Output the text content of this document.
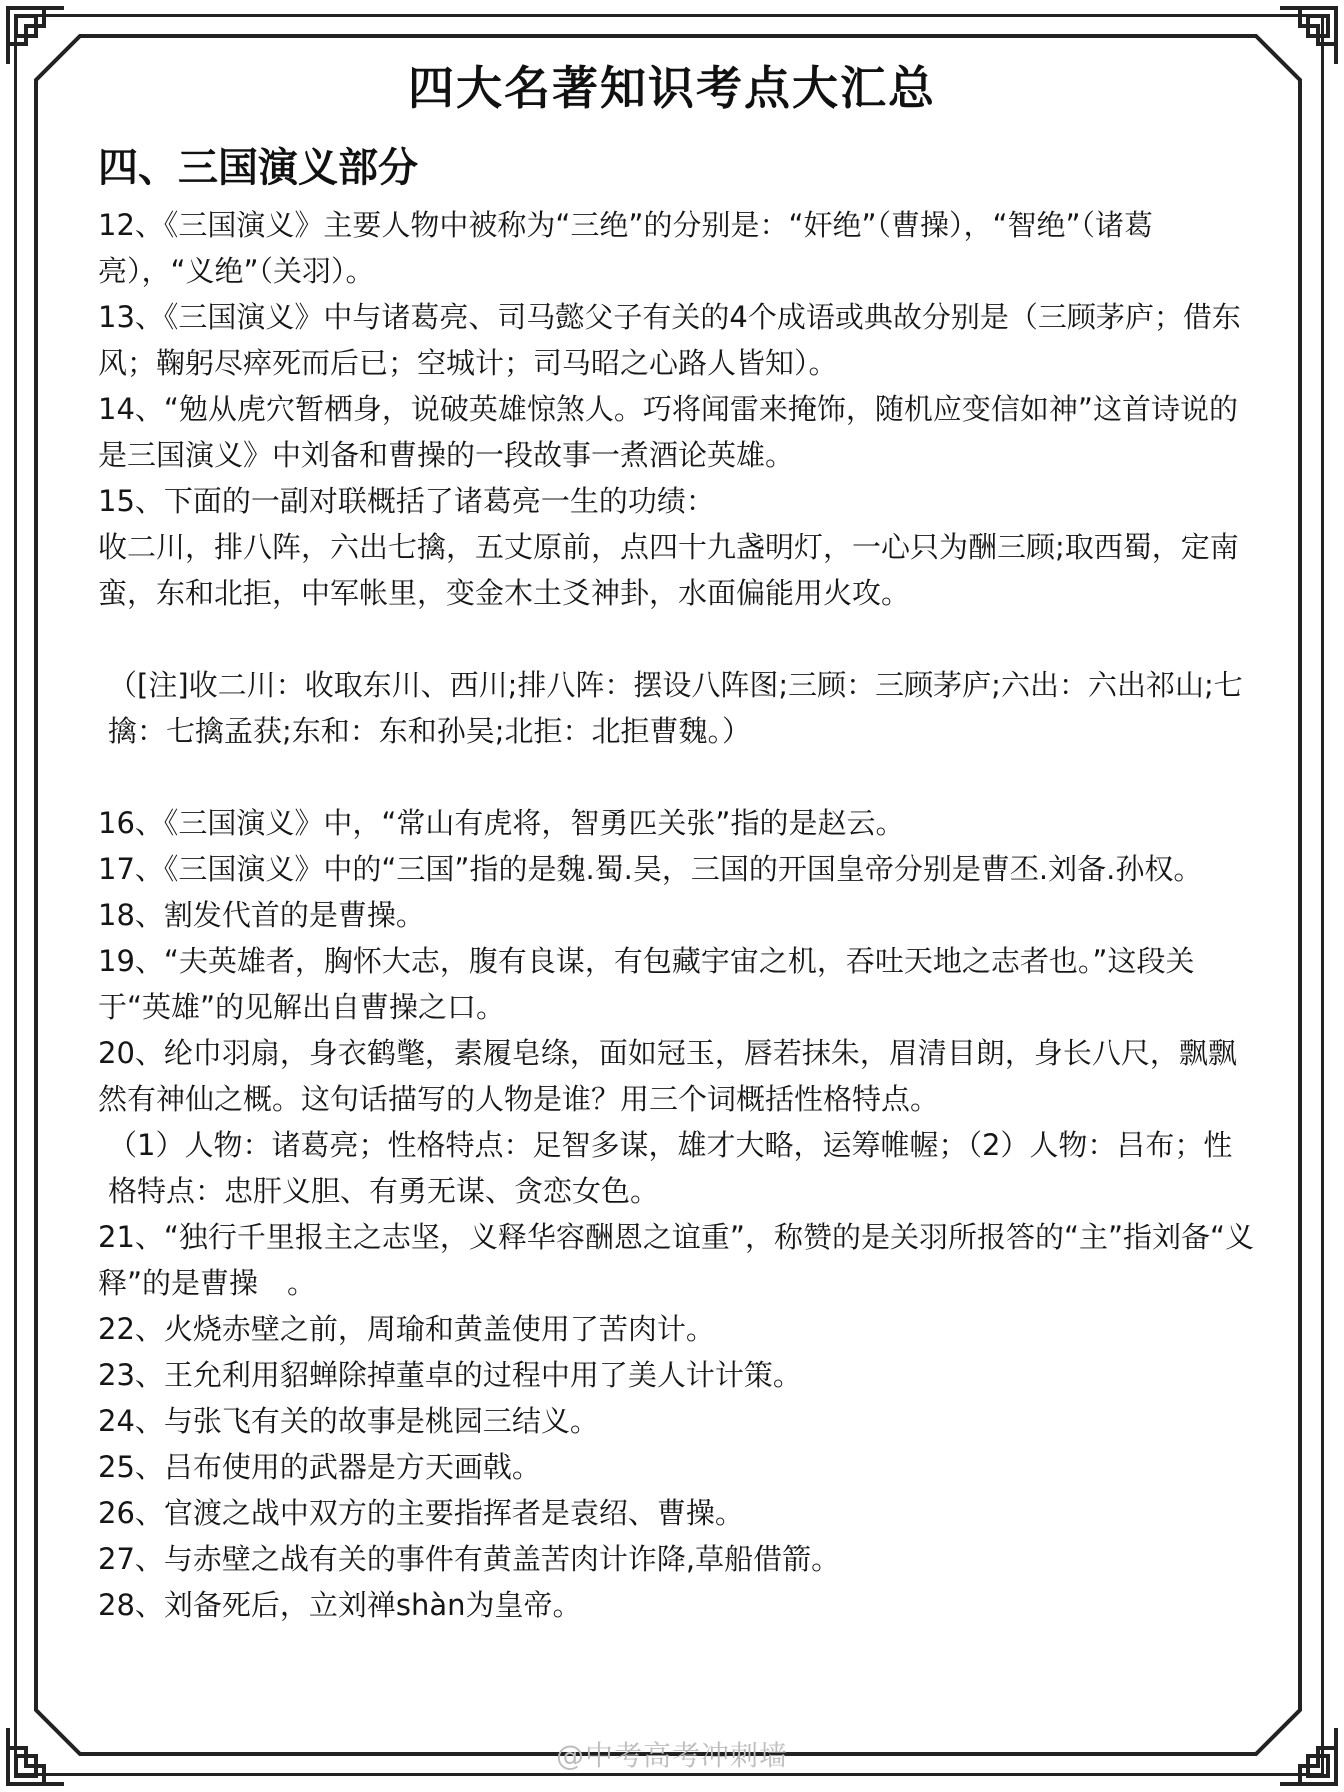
四大名著知识考点大汇总
四、三国演义部分

12、《三国演义》主要人物中被称为“三绝”的分别是：“奸绝”（曹操），“智绝”（诸葛亮），“义绝”（关羽）。

13、《三国演义》中与诸葛亮、司马懿父子有关的4个成语或典故分别是（三顾茅庐；借东风；鞠躬尽瘁死而后已；空城计；司马昭之心路人皆知）。

14、“勉从虎穴暂栖身，说破英雄惊煞人。巧将闻雷来掩饰，随机应变信如神”这首诗说的是三国演义》中刘备和曹操的一段故事一煮酒论英雄。

15、下面的一副对联概括了诸葛亮一生的功绩：

收二川，排八阵，六出七擒，五丈原前，点四十九盏明灯，一心只为酬三顾;取西蜀，定南蛮，东和北拒，中军帐里，变金木土爻神卦，水面偏能用火攻。

（[注]收二川：收取东川、西川;排八阵：摆设八阵图;三顾：三顾茅庐;六出：六出祁山;七擒：七擒孟获;东和：东和孙吴;北拒：北拒曹魏。）

16、《三国演义》中，“常山有虎将，智勇匹关张”指的是赵云。

17、《三国演义》中的“三国”指的是魏.蜀.吴，三国的开国皇帝分别是曹丕.刘备.孙权。

18、割发代首的是曹操。

19、“夫英雄者，胸怀大志，腹有良谋，有包藏宇宙之机，吞吐天地之志者也。”这段关于“英雄”的见解出自曹操之口。

20、纶巾羽扇，身衣鹤氅，素履皂绦，面如冠玉，唇若抹朱，眉清目朗，身长八尺，飘飘然有神仙之概。这句话描写的人物是谁？用三个词概括性格特点。

（1）人物：诸葛亮；性格特点：足智多谋，雄才大略，运筹帷幄；（2）人物：吕布；性格特点：忠肝义胆、有勇无谋、贪恋女色。

21、“独行千里报主之志坚，义释华容酬恩之谊重”，称赞的是关羽所报答的“主”指刘备“义释”的是曹操　。

22、火烧赤壁之前，周瑜和黄盖使用了苦肉计。

23、王允利用貂蝉除掉董卓的过程中用了美人计计策。

24、与张飞有关的故事是桃园三结义。

25、吕布使用的武器是方天画戟。

26、官渡之战中双方的主要指挥者是袁绍、曹操。

27、与赤壁之战有关的事件有黄盖苦肉计诈降,草船借箭。

28、刘备死后，立刘禅shàn为皇帝。

@中考高考冲刺墙
